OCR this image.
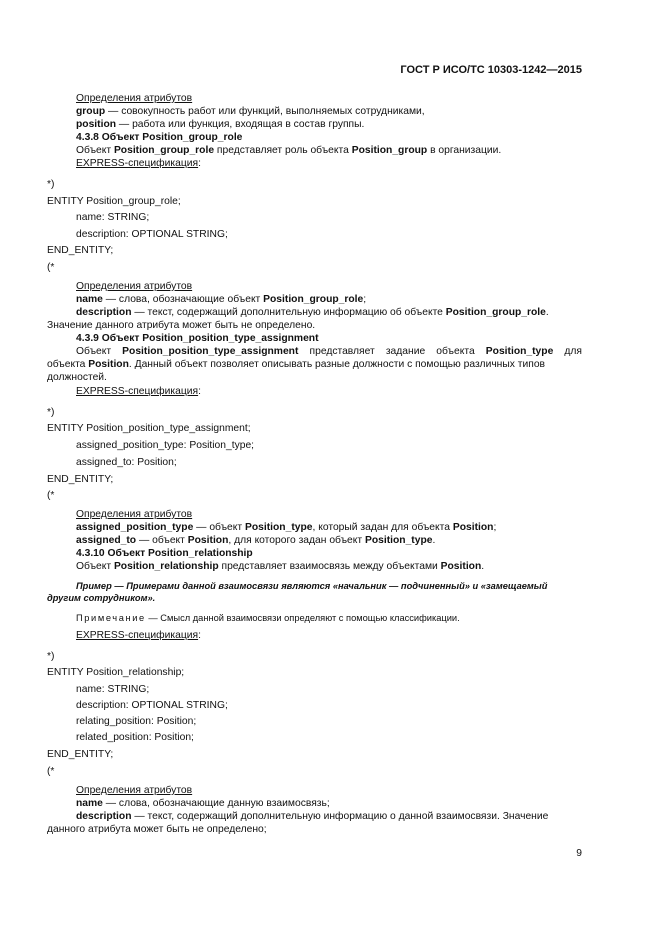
ГОСТ Р ИСО/ТС 10303-1242—2015
Определения атрибутов
group — совокупность работ или функций, выполняемых сотрудниками,
position — работа или функция, входящая в состав группы.
4.3.8 Объект Position_group_role
Объект Position_group_role представляет роль объекта Position_group в организации.
EXPRESS-спецификация:
*)
ENTITY Position_group_role;
name: STRING;
description: OPTIONAL STRING;
END_ENTITY;
(*
Определения атрибутов
name — слова, обозначающие объект Position_group_role;
description — текст, содержащий дополнительную информацию об объекте Position_group_role.
Значение данного атрибута может быть не определено.
4.3.9 Объект Position_position_type_assignment
Объект Position_position_type_assignment представляет задание объекта Position_type для
объекта Position. Данный объект позволяет описывать разные должности с помощью различных типов
должностей.
EXPRESS-спецификация:
*)
ENTITY Position_position_type_assignment;
assigned_position_type: Position_type;
assigned_to: Position;
END_ENTITY;
(*
Определения атрибутов
assigned_position_type — объект Position_type, который задан для объекта Position;
assigned_to — объект Position, для которого задан объект Position_type.
4.3.10 Объект Position_relationship
Объект Position_relationship представляет взаимосвязь между объектами Position.
Пример — Примерами данной взаимосвязи являются «начальник — подчиненный» и «замещаемый
другим сотрудником».
Примечание — Смысл данной взаимосвязи определяют с помощью классификации.
EXPRESS-спецификация:
*)
ENTITY Position_relationship;
name: STRING;
description: OPTIONAL STRING;
relating_position: Position;
related_position: Position;
END_ENTITY;
(*
Определения атрибутов
name — слова, обозначающие данную взаимосвязь;
description — текст, содержащий дополнительную информацию о данной взаимосвязи. Значение
данного атрибута может быть не определено;
9
